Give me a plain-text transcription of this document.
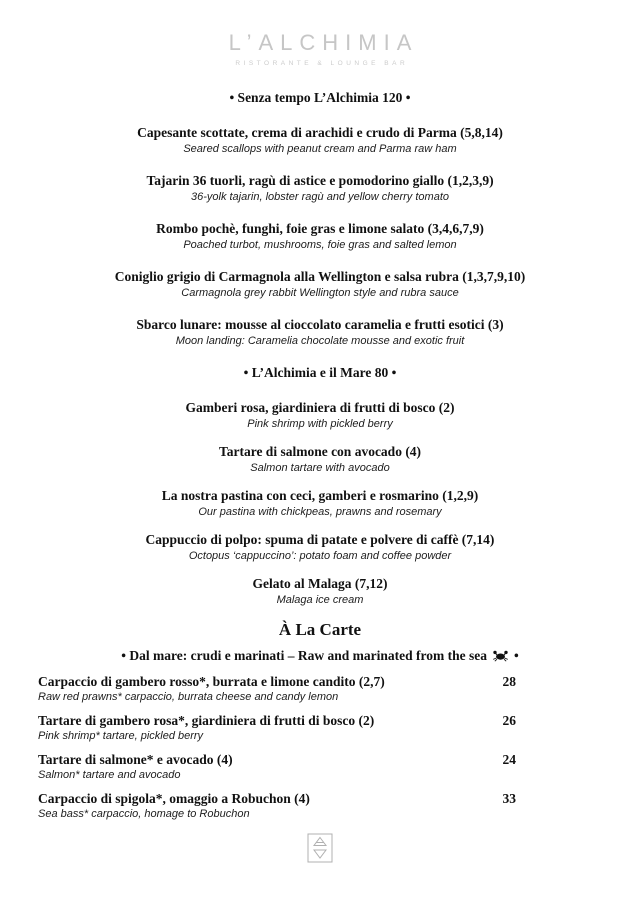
L’ALCHIMIA
RISTORANTE & LOUNGE BAR
• Senza tempo L’Alchimia 120 •
Capesante scottate, crema di arachidi e crudo di Parma (5,8,14)
Seared scallops with peanut cream and Parma raw ham
Tajarin 36 tuorli, ragù di astice e pomodorino giallo (1,2,3,9)
36-yolk tajarin, lobster ragù and yellow cherry tomato
Rombo pochè, funghi, foie gras e limone salato (3,4,6,7,9)
Poached turbot, mushrooms, foie gras and salted lemon
Coniglio grigio di Carmagnola alla Wellington e salsa rubra (1,3,7,9,10)
Carmagnola grey rabbit Wellington style and rubra sauce
Sbarco lunare: mousse al cioccolato caramelia e frutti esotici (3)
Moon landing: Caramelia chocolate mousse and exotic fruit
• L’Alchimia e il Mare 80 •
Gamberi rosa, giardiniera di frutti di bosco (2)
Pink shrimp with pickled berry
Tartare di salmone con avocado (4)
Salmon tartare with avocado
La nostra pastina con ceci, gamberi e rosmarino (1,2,9)
Our pastina with chickpeas, prawns and rosemary
Cappuccio di polpo: spuma di patate e polvere di caffè (7,14)
Octopus ‘cappuccino’: potato foam and coffee powder
Gelato al Malaga (7,12)
Malaga ice cream
À La Carte
• Dal mare: crudi e marinati – Raw and marinated from the sea •
Carpaccio di gambero rosso*, burrata e limone candito (2,7)	28
Raw red prawns* carpaccio, burrata cheese and candy lemon
Tartare di gambero rosa*, giardiniera di frutti di bosco (2)	26
Pink shrimp* tartare, pickled berry
Tartare di salmone* e avocado (4)	24
Salmon* tartare and avocado
Carpaccio di spigola*, omaggio a Robuchon (4)	33
Sea bass* carpaccio, homage to Robuchon
